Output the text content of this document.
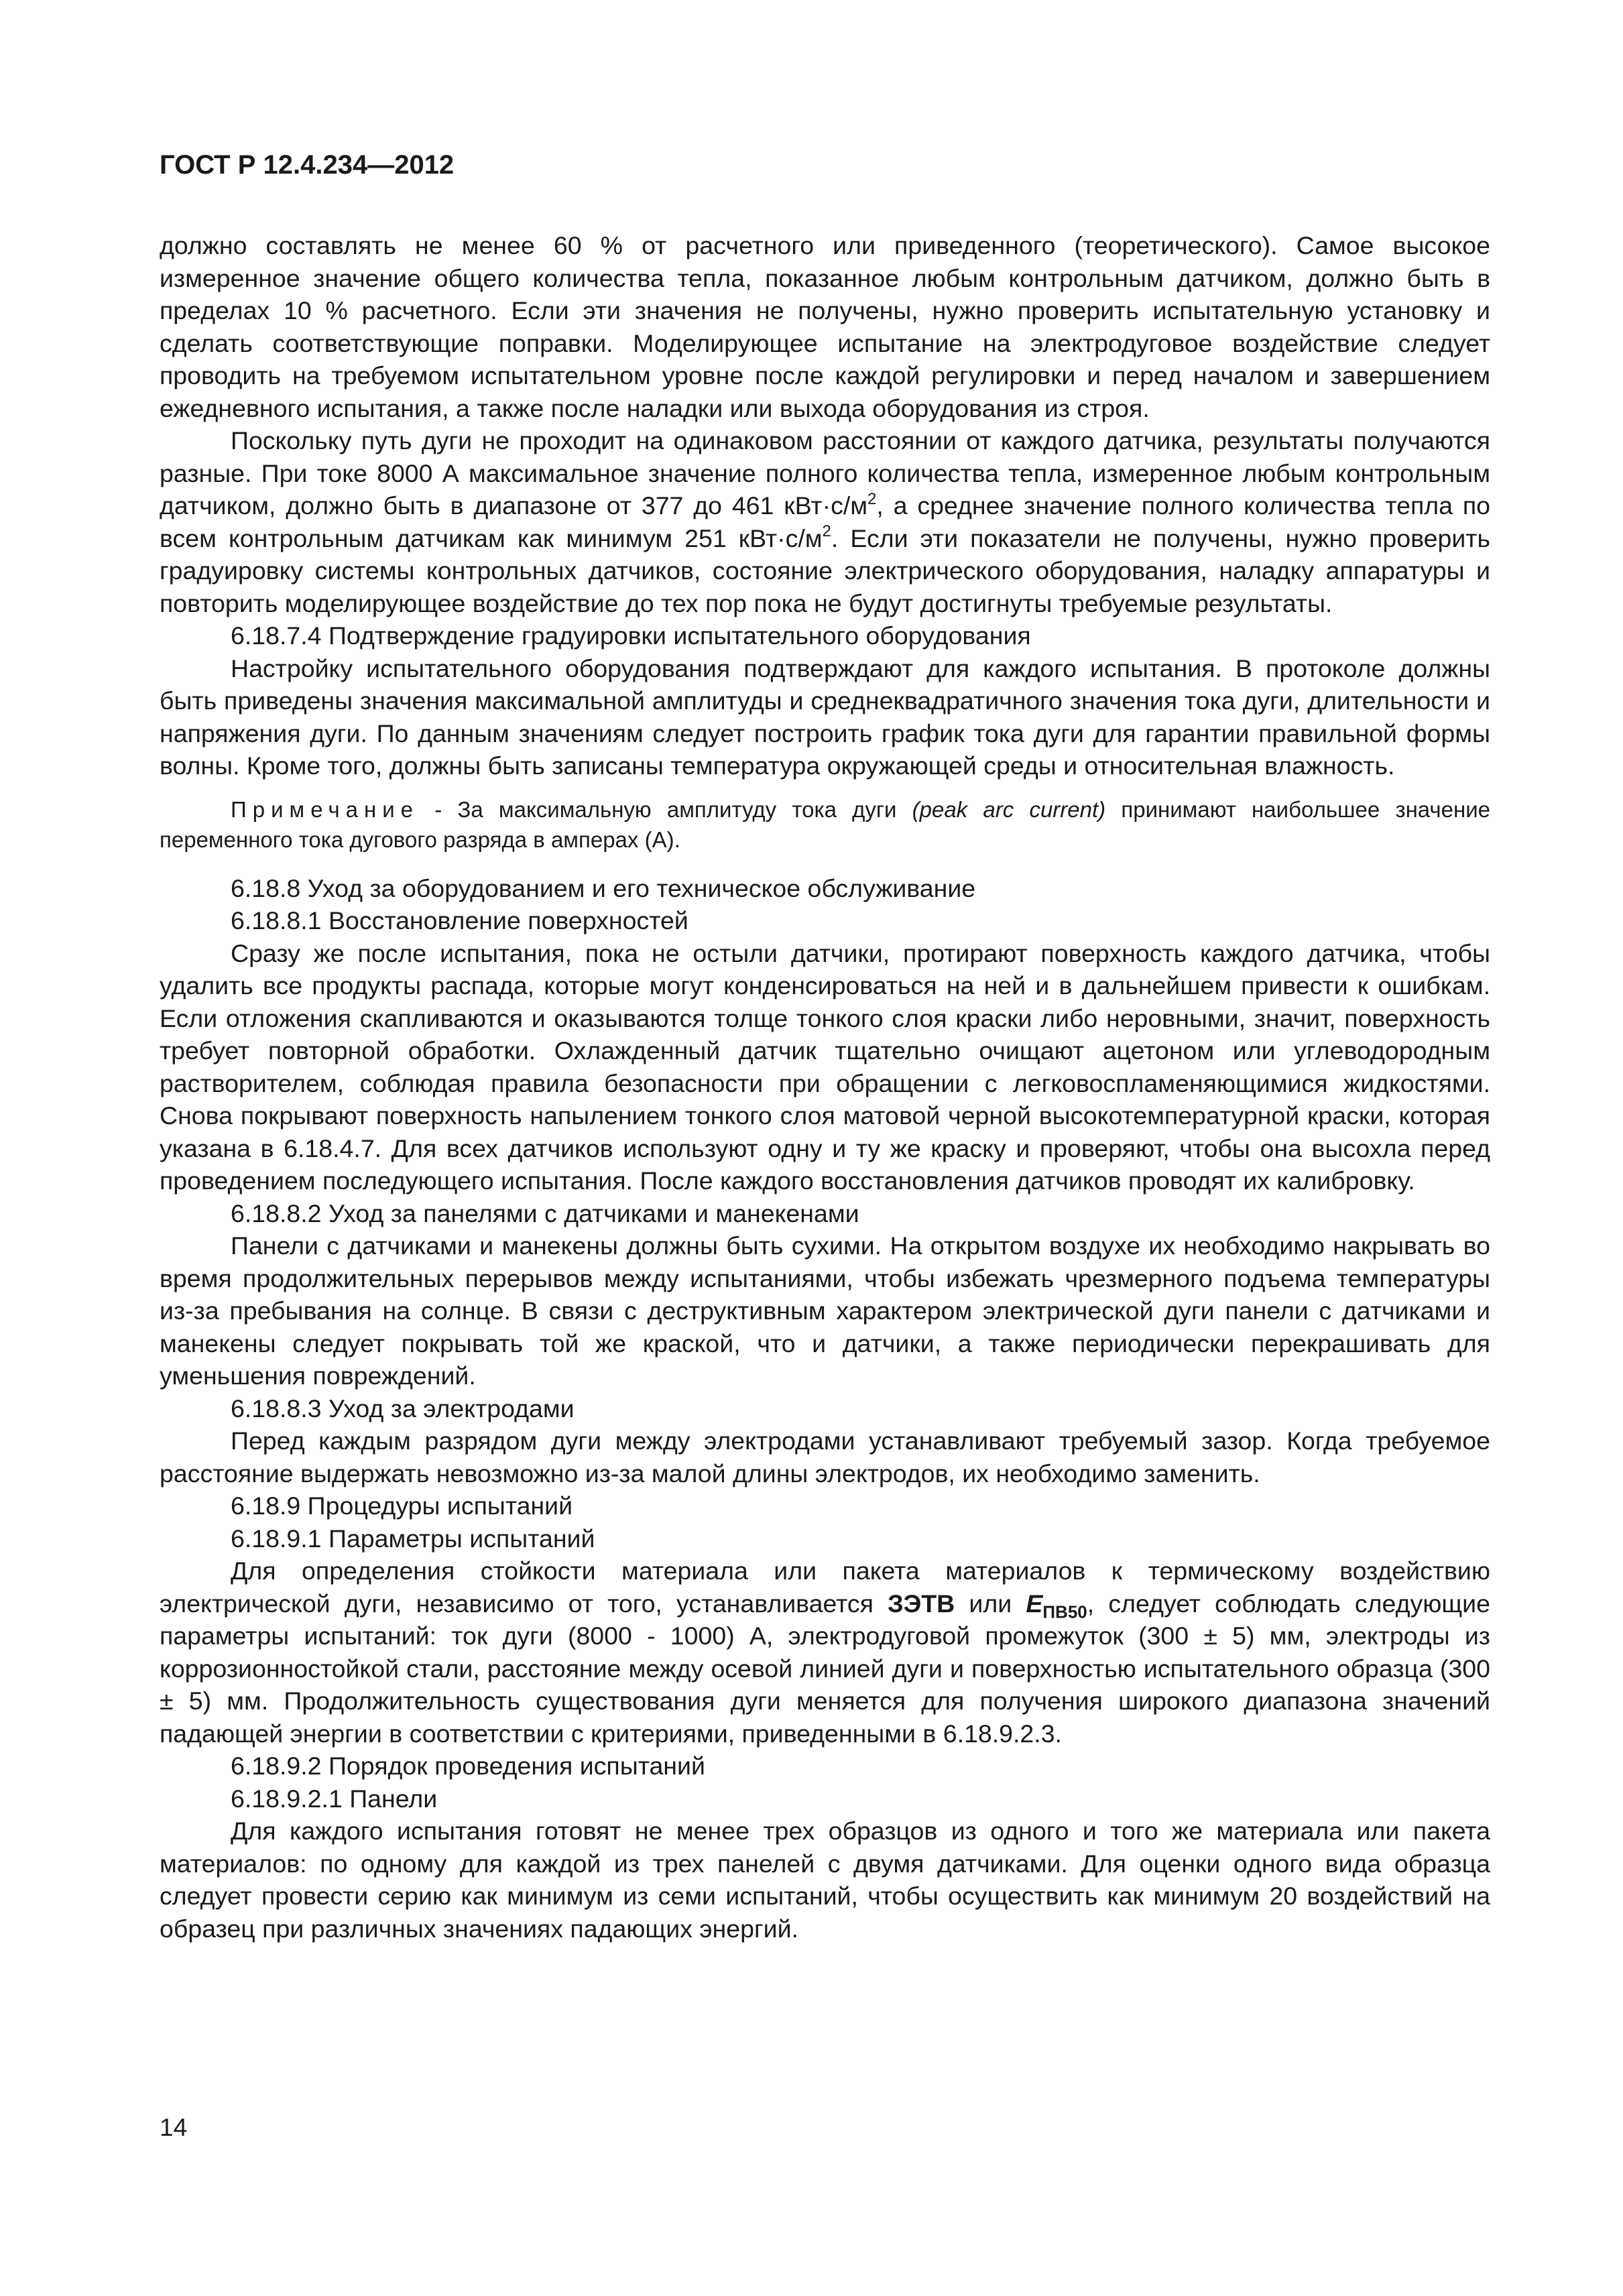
ГОСТ Р 12.4.234—2012

должно составлять не менее 60 % от расчетного или приведенного (теоретического). Самое высокое измеренное значение общего количества тепла, показанное любым контрольным датчиком, должно быть в пределах 10 % расчетного. Если эти значения не получены, нужно проверить испытательную установку и сделать соответствующие поправки. Моделирующее испытание на электродуговое воздействие следует проводить на требуемом испытательном уровне после каждой регулировки и перед началом и завершением ежедневного испытания, а также после наладки или выхода оборудования из строя.

Поскольку путь дуги не проходит на одинаковом расстоянии от каждого датчика, результаты получаются разные. При токе 8000 А максимальное значение полного количества тепла, измеренное любым контрольным датчиком, должно быть в диапазоне от 377 до 461 $кВт\cdot с/м^2$, а среднее значение полного количества тепла по всем контрольным датчикам как минимум 251 $кВт\cdot с/м^2$. Если эти показатели не получены, нужно проверить градуировку системы контрольных датчиков, состояние электрического оборудования, наладку аппаратуры и повторить моделирующее воздействие до тех пор пока не будут достигнуты требуемые результаты.

6.18.7.4 Подтверждение градуировки испытательного оборудования

Настройку испытательного оборудования подтверждают для каждого испытания. В протоколе должны быть приведены значения максимальной амплитуды и среднеквадратичного значения тока дуги, длительности и напряжения дуги. По данным значениям следует построить график тока дуги для гарантии правильной формы волны. Кроме того, должны быть записаны температура окружающей среды и относительная влажность.

Примечание - За максимальную амплитуду тока дуги (peak arc current) принимают наибольшее значение переменного тока дугового разряда в амперах (А).

6.18.8 Уход за оборудованием и его техническое обслуживание

6.18.8.1 Восстановление поверхностей

Сразу же после испытания, пока не остыли датчики, протирают поверхность каждого датчика, чтобы удалить все продукты распада, которые могут конденсироваться на ней и в дальнейшем привести к ошибкам. Если отложения скапливаются и оказываются толще тонкого слоя краски либо неровными, значит, поверхность требует повторной обработки. Охлажденный датчик тщательно очищают ацетоном или углеводородным растворителем, соблюдая правила безопасности при обращении с легковоспламеняющимися жидкостями. Снова покрывают поверхность напылением тонкого слоя матовой черной высокотемпературной краски, которая указана в 6.18.4.7. Для всех датчиков используют одну и ту же краску и проверяют, чтобы она высохла перед проведением последующего испытания. После каждого восстановления датчиков проводят их калибровку.

6.18.8.2 Уход за панелями с датчиками и манекенами

Панели с датчиками и манекены должны быть сухими. На открытом воздухе их необходимо накрывать во время продолжительных перерывов между испытаниями, чтобы избежать чрезмерного подъема температуры из-за пребывания на солнце. В связи с деструктивным характером электрической дуги панели с датчиками и манекены следует покрывать той же краской, что и датчики, а также периодически перекрашивать для уменьшения повреждений.

6.18.8.3 Уход за электродами

Перед каждым разрядом дуги между электродами устанавливают требуемый зазор. Когда требуемое расстояние выдержать невозможно из-за малой длины электродов, их необходимо заменить.

6.18.9 Процедуры испытаний

6.18.9.1 Параметры испытаний

Для определения стойкости материала или пакета материалов к термическому воздействию электрической дуги, независимо от того, устанавливается ЗЭТВ или $E_{ПВ50}$, следует соблюдать следующие параметры испытаний: ток дуги (8000 - 1000) А, электродуговой промежуток (300 ± 5) мм, электроды из коррозионностойкой стали, расстояние между осевой линией дуги и поверхностью испытательного образца (300 ± 5) мм. Продолжительность существования дуги меняется для получения широкого диапазона значений падающей энергии в соответствии с критериями, приведенными в 6.18.9.2.3.

6.18.9.2 Порядок проведения испытаний

6.18.9.2.1 Панели

Для каждого испытания готовят не менее трех образцов из одного и того же материала или пакета материалов: по одному для каждой из трех панелей с двумя датчиками. Для оценки одного вида образца следует провести серию как минимум из семи испытаний, чтобы осуществить как минимум 20 воздействий на образец при различных значениях падающих энергий.

14
